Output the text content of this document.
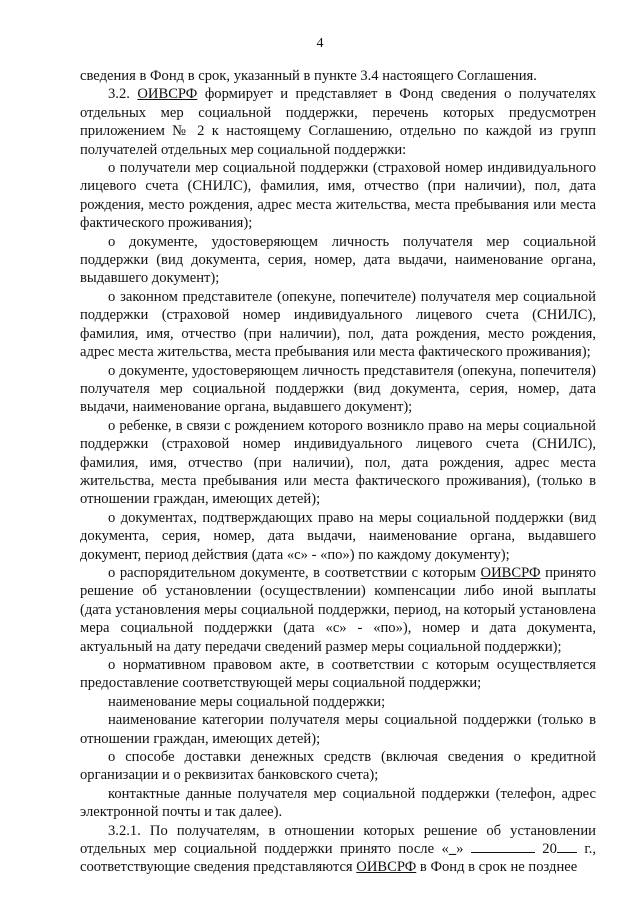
4

сведения в Фонд в срок, указанный в пункте 3.4 настоящего Соглашения.

3.2. ОИВСРФ формирует и представляет в Фонд сведения о получателях отдельных мер социальной поддержки, перечень которых предусмотрен приложением № 2 к настоящему Соглашению, отдельно по каждой из групп получателей отдельных мер социальной поддержки:

o получатели мер социальной поддержки (страховой номер индивидуального лицевого счета (СНИЛС), фамилия, имя, отчество (при наличии), пол, дата рождения, место рождения, адрес места жительства, места пребывания или места фактического проживания);

o документе, удостоверяющем личность получателя мер социальной поддержки (вид документа, серия, номер, дата выдачи, наименование органа, выдавшего документ);

o законном представителе (опекуне, попечителе) получателя мер социальной поддержки (страховой номер индивидуального лицевого счета (СНИЛС), фамилия, имя, отчество (при наличии), пол, дата рождения, место рождения, адрес места жительства, места пребывания или места фактического проживания);

o документе, удостоверяющем личность представителя (опекуна, попечителя) получателя мер социальной поддержки (вид документа, серия, номер, дата выдачи, наименование органа, выдавшего документ);

o ребенке, в связи с рождением которого возникло право на меры социальной поддержки (страховой номер индивидуального лицевого счета (СНИЛС), фамилия, имя, отчество (при наличии), пол, дата рождения, адрес места жительства, места пребывания или места фактического проживания), (только в отношении граждан, имеющих детей);

o документах, подтверждающих право на меры социальной поддержки (вид документа, серия, номер, дата выдачи, наименование органа, выдавшего документ, период действия (дата «с» - «по») по каждому документу);

o распорядительном документе, в соответствии с которым ОИВСРФ принято решение об установлении (осуществлении) компенсации либо иной выплаты (дата установления меры социальной поддержки, период, на который установлена мера социальной поддержки (дата «с» - «по»), номер и дата документа, актуальный на дату передачи сведений размер меры социальной поддержки);

o нормативном правовом акте, в соответствии с которым осуществляется предоставление соответствующей меры социальной поддержки;

наименование меры социальной поддержки;

наименование категории получателя меры социальной поддержки (только в отношении граждан, имеющих детей);

o способе доставки денежных средств (включая сведения о кредитной организации и о реквизитах банковского счета);

контактные данные получателя мер социальной поддержки (телефон, адрес электронной почты и так далее).

3.2.1. По получателям, в отношении которых решение об установлении отдельных мер социальной поддержки принято после «_»	20 г., соответствующие сведения представляются ОИВСРФ в Фонд в срок не позднее
